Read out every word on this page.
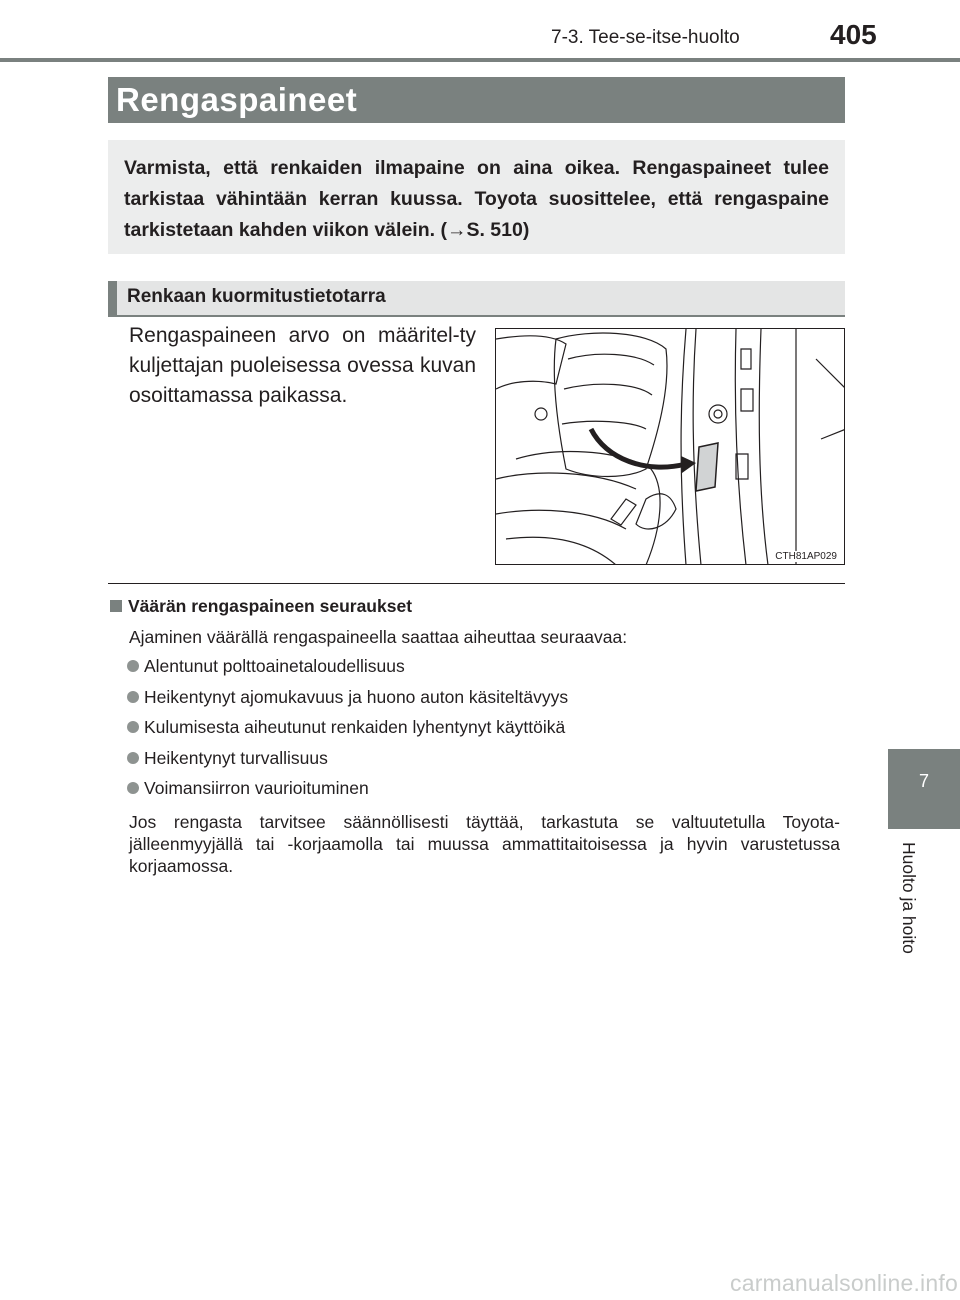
7-3. Tee-se-itse-huolto	405
Rengaspaineet
Varmista, että renkaiden ilmapaine on aina oikea. Rengaspaineet tulee tarkistaa vähintään kerran kuussa. Toyota suosittelee, että rengaspaine tarkistetaan kahden viikon välein. (→S. 510)
Renkaan kuormitustietotarra
Rengaspaineen arvo on määritel-ty kuljettajan puoleisessa ovessa kuvan osoittamassa paikassa.
CTH81AP029
Väärän rengaspaineen seuraukset
Ajaminen väärällä rengaspaineella saattaa aiheuttaa seuraavaa:
Alentunut polttoainetaloudellisuus
Heikentynyt ajomukavuus ja huono auton käsiteltävyys
Kulumisesta aiheutunut renkaiden lyhentynyt käyttöikä
Heikentynyt turvallisuus
Voimansiirron vaurioituminen
Jos rengasta tarvitsee säännöllisesti täyttää, tarkastuta se valtuutetulla Toyota-jälleenmyyjällä tai -korjaamolla tai muussa ammattitaitoisessa ja hyvin varustetussa korjaamossa.
7
Huolto ja hoito
carmanualsonline.info
